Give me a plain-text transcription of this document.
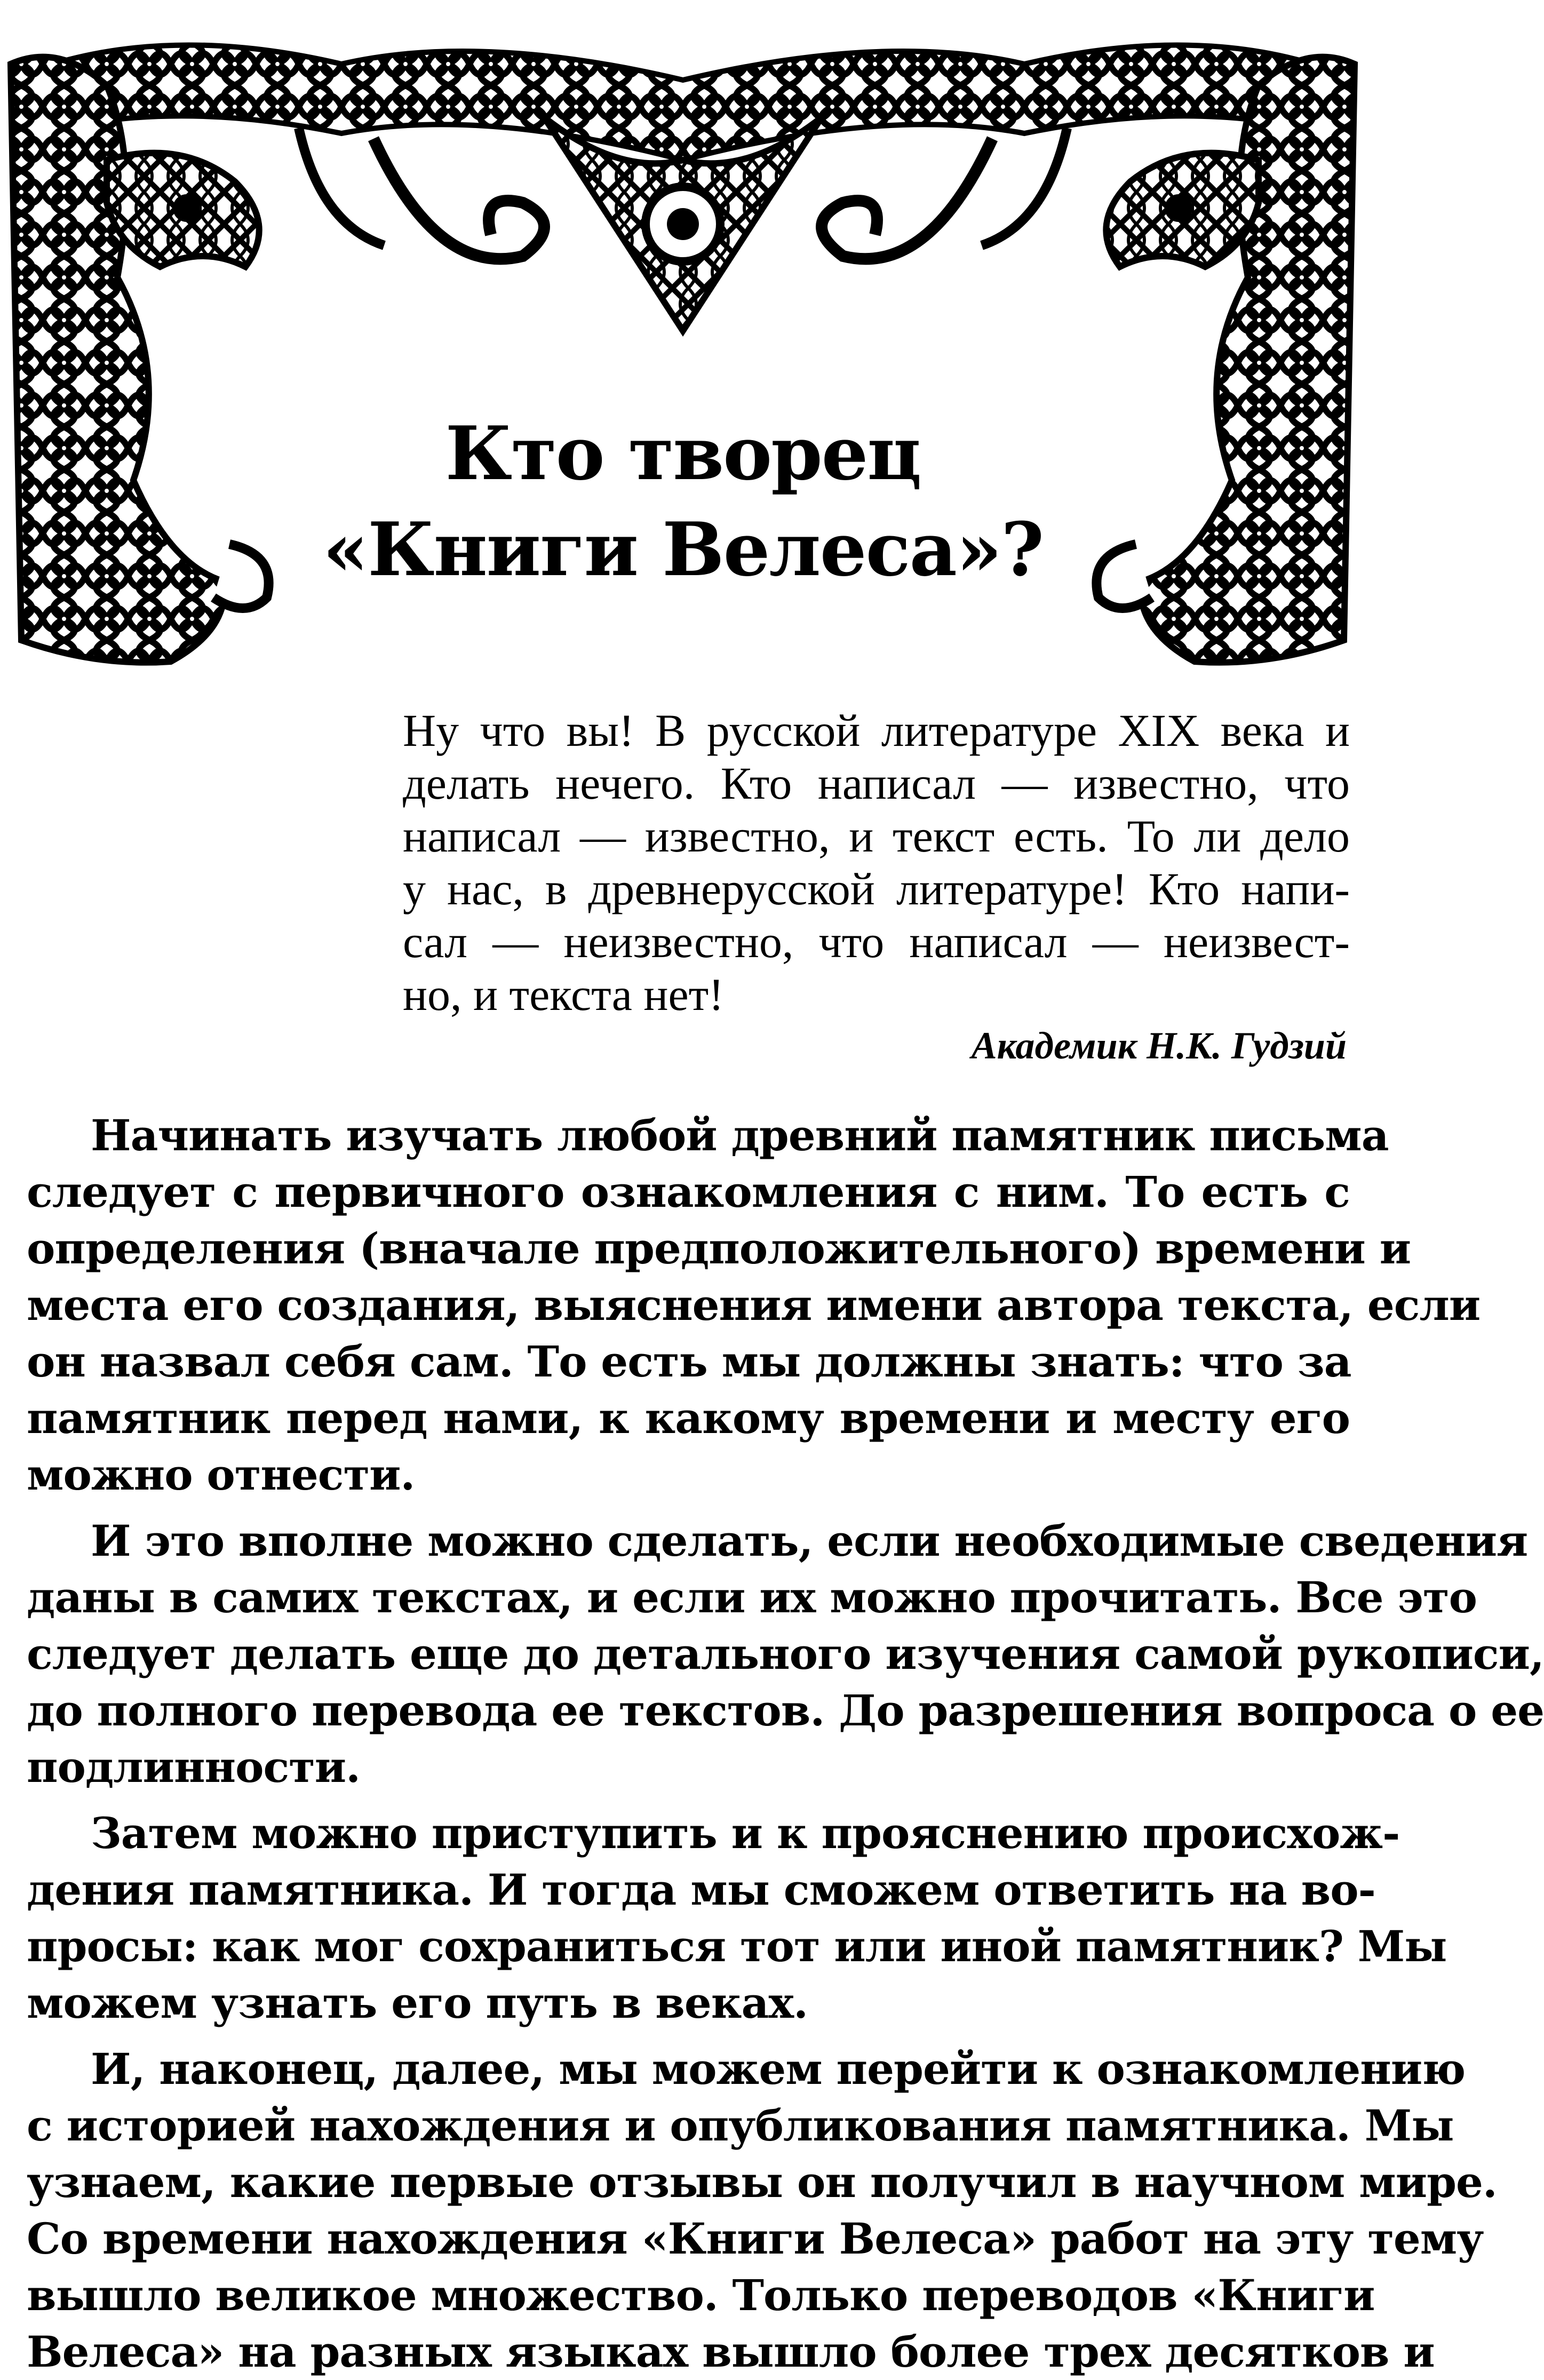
Кто творец
«Книги Велеса»?

Ну что вы! В русской литературе XIX века и

делать нечего. Кто написал — известно, что

написал — известно, и текст есть. То ли дело

у нас, в древнерусской литературе! Кто напи-

сал — неизвестно, что написал — неизвест-

но, и текста нет!

Академик Н.К. Гудзий
Начинать изучать любой древний памятник письма
следует с первичного ознакомления с ним. То есть с
определения (вначале предположительного) времени и
места его создания, выяснения имени автора текста, если
он назвал себя сам. То есть мы должны знать: что за
памятник перед нами, к какому времени и месту его
можно отнести.
И это вполне можно сделать, если необходимые сведения
даны в самих текстах, и если их можно прочитать. Все это
следует делать еще до детального изучения самой рукописи,
до полного перевода ее текстов. До разрешения вопроса о ее
подлинности.
Затем можно приступить и к прояснению происхож-
дения памятника. И тогда мы сможем ответить на во-
просы: как мог сохраниться тот или иной памятник? Мы
можем узнать его путь в веках.
И, наконец, далее, мы можем перейти к ознакомлению
с историей нахождения и опубликования памятника. Мы
узнаем, какие первые отзывы он получил в научном мире.
Со времени нахождения «Книги Велеса» работ на эту тему
вышло великое множество. Только переводов «Книги
Велеса» на разных языках вышло более трех десятков и
